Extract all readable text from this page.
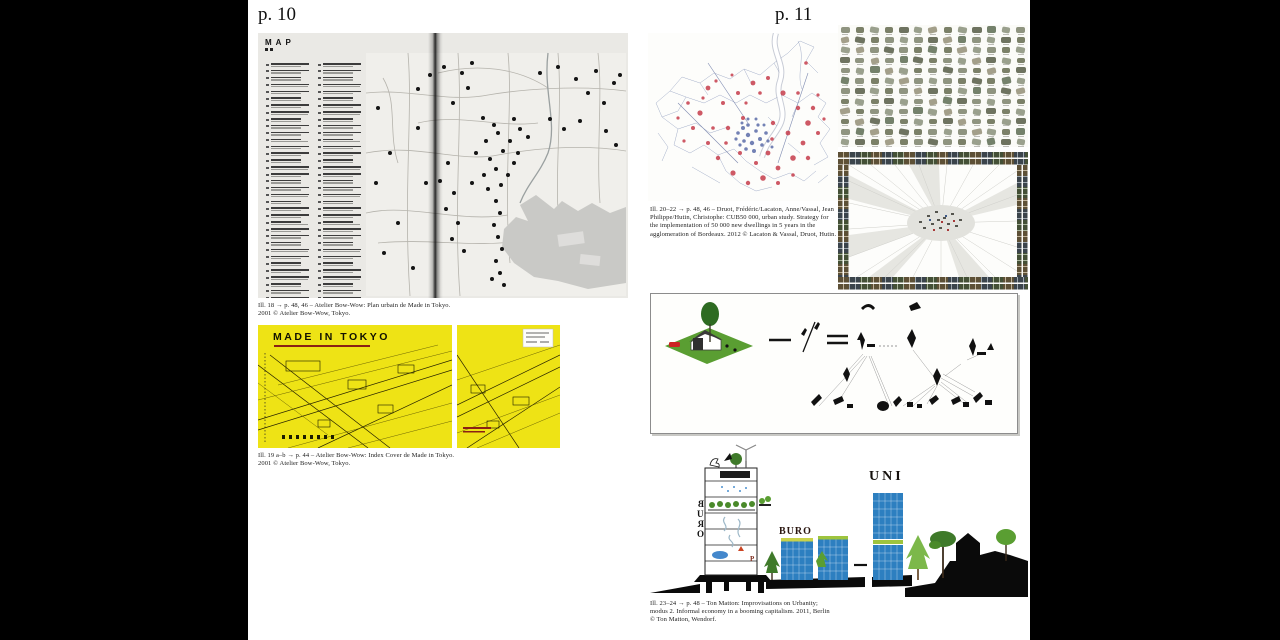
p. 10
MAP
Ill. 18 → p. 48, 46 – Atelier Bow-Wow: Plan urbain de Made in Tokyo.
2001 © Atelier Bow-Wow, Tokyo.
MADE IN TOKYO
Ill. 19 a–b → p. 44 – Atelier Bow-Wow: Index Cover de Made in Tokyo.
2001 © Atelier Bow-Wow, Tokyo.
p. 11
Ill. 20–22 → p. 48, 46 – Druot, Frédéric/Lacaton, Anne/Vassal, Jean
Philippe/Hutin, Christophe: CUB50 000, urban study. Strategy for
the implementation of 50 000 new dwellings in 5 years in the
agglomeration of Bordeaux. 2012 © Lacaton & Vassal, Druot, Hutin.
B
U
R
O	BURO
UNI
P
Ill. 23–24 → p. 48 – Ton Matton: Improvisations on Urbanity;
modus 2. Informal economy in a booming capitalism. 2011, Berlin
© Ton Matton, Wendorf.
